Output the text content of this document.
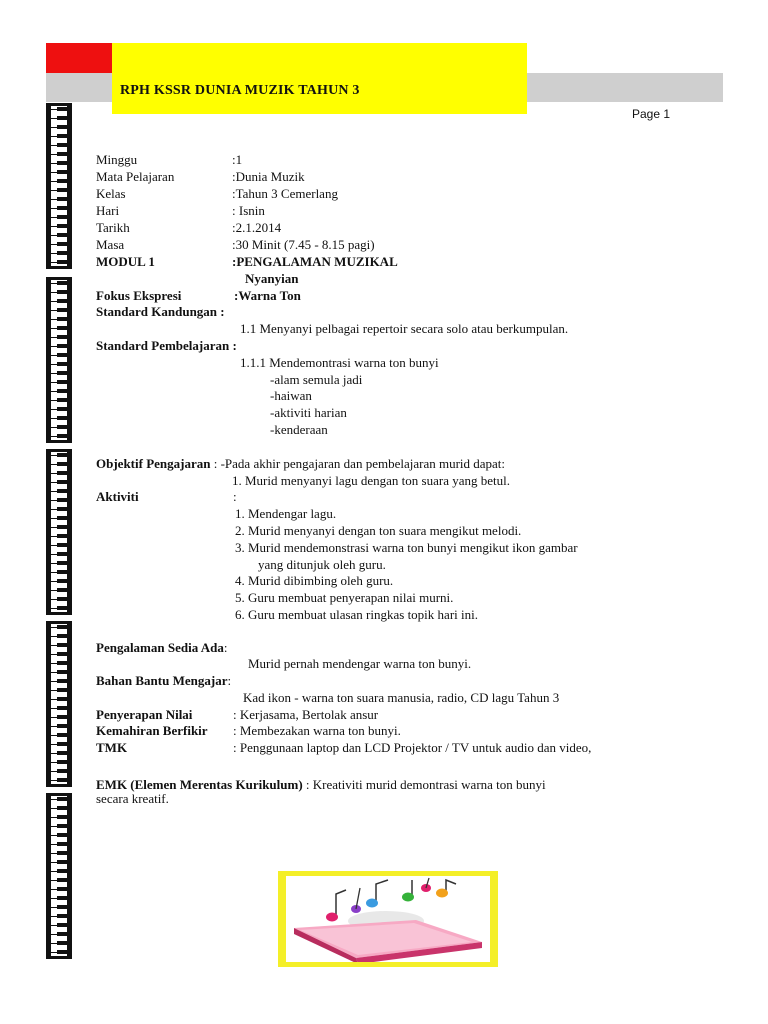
RPH KSSR DUNIA MUZIK TAHUN 3
Page 1
Minggu	:1
Mata Pelajaran	:Dunia Muzik
Kelas	:Tahun 3 Cemerlang
Hari	: Isnin
Tarikh	:2.1.2014
Masa	:30 Minit (7.45 - 8.15 pagi)
MODUL 1	:PENGALAMAN MUZIKAL
Nyanyian
Fokus Ekspresi	:Warna Ton
Standard Kandungan :
1.1 Menyanyi pelbagai repertoir secara solo atau berkumpulan.
Standard Pembelajaran :
1.1.1 Mendemontrasi warna ton bunyi
-alam semula jadi
-haiwan
-aktiviti harian
-kenderaan
Objektif Pengajaran : -Pada akhir pengajaran dan pembelajaran murid dapat:
1. Murid menyanyi lagu dengan ton suara yang betul.
Aktiviti	:
1. Mendengar lagu.
2. Murid menyanyi dengan ton suara mengikut melodi.
3. Murid mendemonstrasi warna ton bunyi mengikut ikon gambar
yang ditunjuk oleh guru.
4. Murid dibimbing oleh guru.
5. Guru membuat penyerapan nilai murni.
6. Guru membuat ulasan ringkas topik hari ini.
Pengalaman Sedia Ada:
Murid pernah mendengar warna ton bunyi.
Bahan Bantu Mengajar:
Kad ikon - warna ton suara manusia, radio, CD lagu Tahun 3
Penyerapan Nilai	: Kerjasama, Bertolak ansur
Kemahiran Berfikir : Membezakan warna ton bunyi.
TMK	: Penggunaan laptop dan LCD Projektor / TV untuk audio dan video,
EMK (Elemen Merentas Kurikulum) : Kreativiti murid demontrasi warna ton bunyi
secara kreatif.
